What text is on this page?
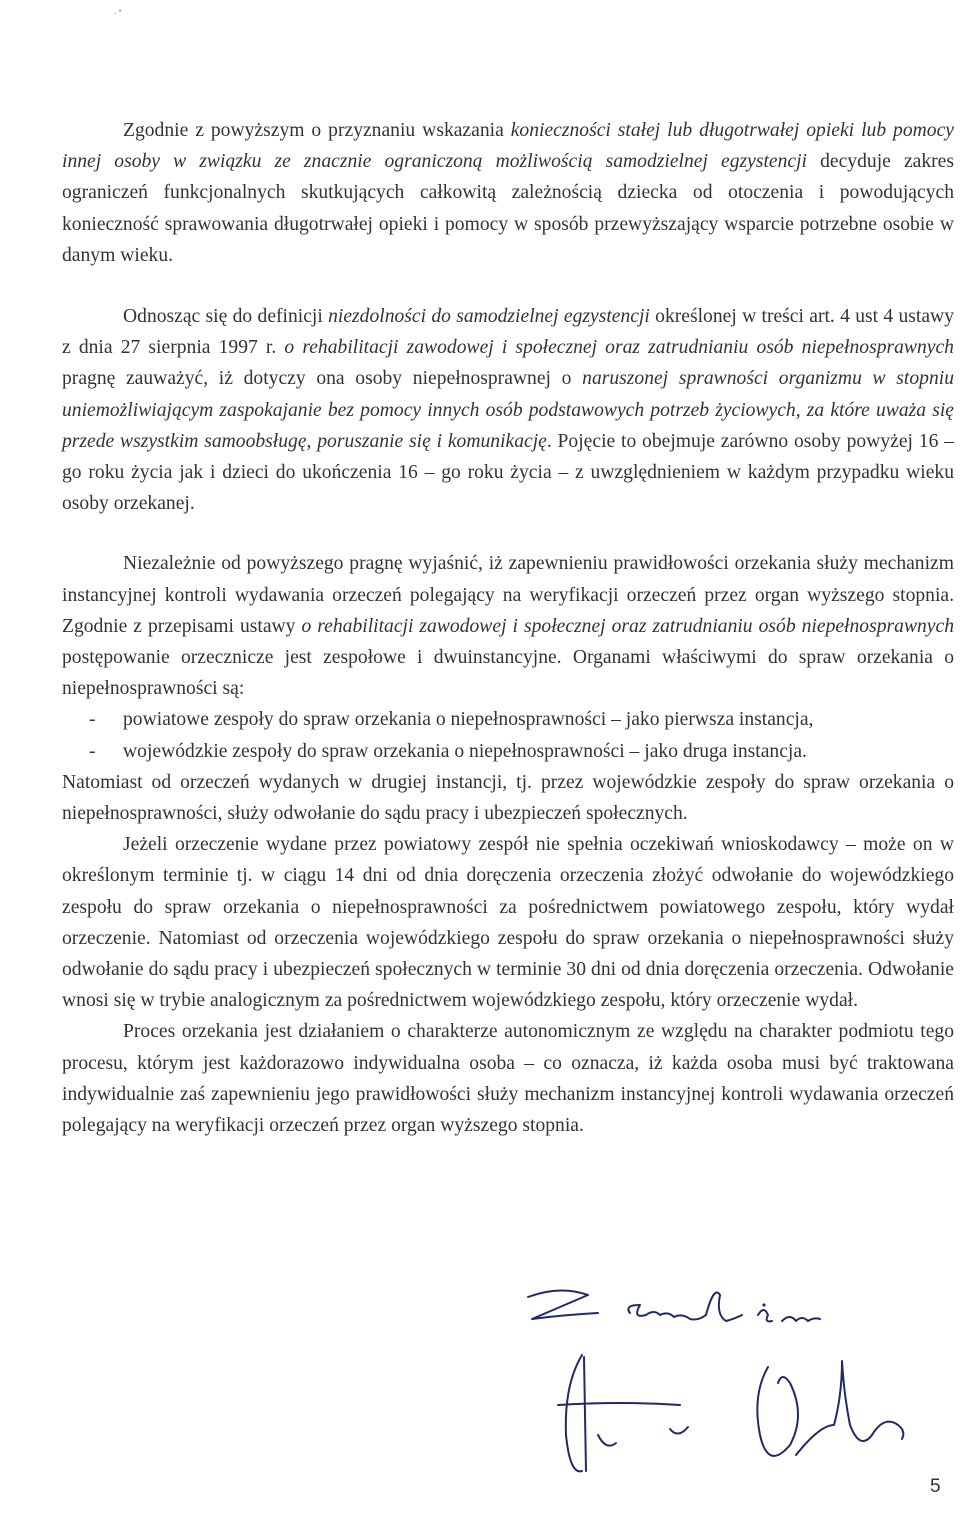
,•

Zgodnie z powyższym o przyznaniu wskazania konieczności stałej lub długotrwałej opieki lub pomocy innej osoby w związku ze znacznie ograniczoną możliwością samodzielnej egzystencji decyduje zakres ograniczeń funkcjonalnych skutkujących całkowitą zależnością dziecka od otoczenia i powodujących konieczność sprawowania długotrwałej opieki i pomocy w sposób przewyższający wsparcie potrzebne osobie w danym wieku.

Odnosząc się do definicji niezdolności do samodzielnej egzystencji określonej w treści art. 4 ust 4 ustawy z dnia 27 sierpnia 1997 r. o rehabilitacji zawodowej i społecznej oraz zatrudnianiu osób niepełnosprawnych pragnę zauważyć, iż dotyczy ona osoby niepełnosprawnej o naruszonej sprawności organizmu w stopniu uniemożliwiającym zaspokajanie bez pomocy innych osób podstawowych potrzeb życiowych, za które uważa się przede wszystkim samoobsługę, poruszanie się i komunikację. Pojęcie to obejmuje zarówno osoby powyżej 16 – go roku życia jak i dzieci do ukończenia 16 – go roku życia – z uwzględnieniem w każdym przypadku wieku osoby orzekanej.

Niezależnie od powyższego pragnę wyjaśnić, iż zapewnieniu prawidłowości orzekania służy mechanizm instancyjnej kontroli wydawania orzeczeń polegający na weryfikacji orzeczeń przez organ wyższego stopnia. Zgodnie z przepisami ustawy o rehabilitacji zawodowej i społecznej oraz zatrudnianiu osób niepełnosprawnych postępowanie orzecznicze jest zespołowe i dwuinstancyjne. Organami właściwymi do spraw orzekania o niepełnosprawności są:

- powiatowe zespoły do spraw orzekania o niepełnosprawności – jako pierwsza instancja,
- wojewódzkie zespoły do spraw orzekania o niepełnosprawności – jako druga instancja.

Natomiast od orzeczeń wydanych w drugiej instancji, tj. przez wojewódzkie zespoły do spraw orzekania o niepełnosprawności, służy odwołanie do sądu pracy i ubezpieczeń społecznych.

Jeżeli orzeczenie wydane przez powiatowy zespół nie spełnia oczekiwań wnioskodawcy – może on w określonym terminie tj. w ciągu 14 dni od dnia doręczenia orzeczenia złożyć odwołanie do wojewódzkiego zespołu do spraw orzekania o niepełnosprawności za pośrednictwem powiatowego zespołu, który wydał orzeczenie. Natomiast od orzeczenia wojewódzkiego zespołu do spraw orzekania o niepełnosprawności służy odwołanie do sądu pracy i ubezpieczeń społecznych w terminie 30 dni od dnia doręczenia orzeczenia. Odwołanie wnosi się w trybie analogicznym za pośrednictwem wojewódzkiego zespołu, który orzeczenie wydał.

Proces orzekania jest działaniem o charakterze autonomicznym ze względu na charakter podmiotu tego procesu, którym jest każdorazowo indywidualna osoba – co oznacza, iż każda osoba musi być traktowana indywidualnie zaś zapewnieniu jego prawidłowości służy mechanizm instancyjnej kontroli wydawania orzeczeń polegający na weryfikacji orzeczeń przez organ wyższego stopnia.

5
